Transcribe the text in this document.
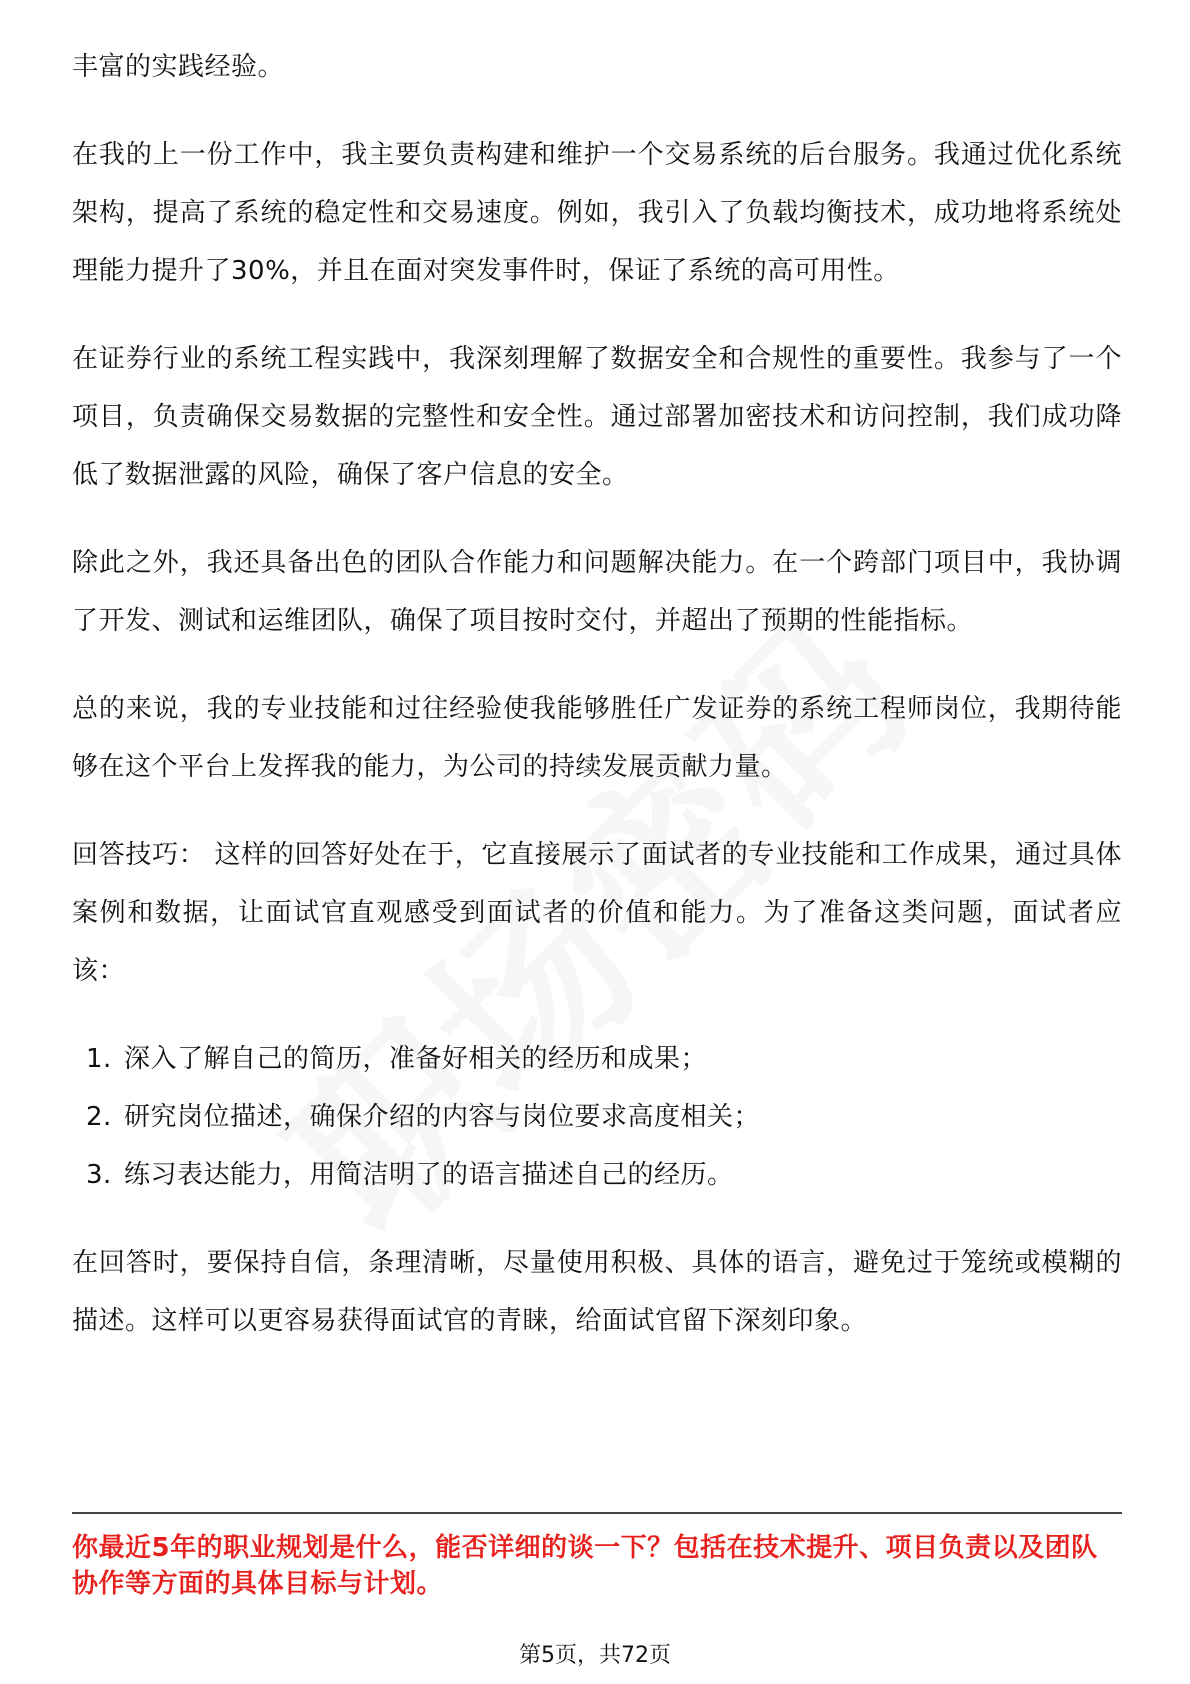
丰富的实践经验。

在我的上一份工作中，我主要负责构建和维护一个交易系统的后台服务。我通过优化系统架构，提高了系统的稳定性和交易速度。例如，我引入了负载均衡技术，成功地将系统处理能力提升了30%，并且在面对突发事件时，保证了系统的高可用性。

在证券行业的系统工程实践中，我深刻理解了数据安全和合规性的重要性。我参与了一个项目，负责确保交易数据的完整性和安全性。通过部署加密技术和访问控制，我们成功降低了数据泄露的风险，确保了客户信息的安全。

除此之外，我还具备出色的团队合作能力和问题解决能力。在一个跨部门项目中，我协调了开发、测试和运维团队，确保了项目按时交付，并超出了预期的性能指标。

总的来说，我的专业技能和过往经验使我能够胜任广发证券的系统工程师岗位，我期待能够在这个平台上发挥我的能力，为公司的持续发展贡献力量。

回答技巧： 这样的回答好处在于，它直接展示了面试者的专业技能和工作成果，通过具体案例和数据，让面试官直观感受到面试者的价值和能力。为了准备这类问题，面试者应该：

1. 深入了解自己的简历，准备好相关的经历和成果；
2. 研究岗位描述，确保介绍的内容与岗位要求高度相关；
3. 练习表达能力，用简洁明了的语言描述自己的经历。

在回答时，要保持自信，条理清晰，尽量使用积极、具体的语言，避免过于笼统或模糊的描述。这样可以更容易获得面试官的青睐，给面试官留下深刻印象。

你最近5年的职业规划是什么，能否详细的谈一下？包括在技术提升、项目负责以及团队协作等方面的具体目标与计划。
第5页，共72页
